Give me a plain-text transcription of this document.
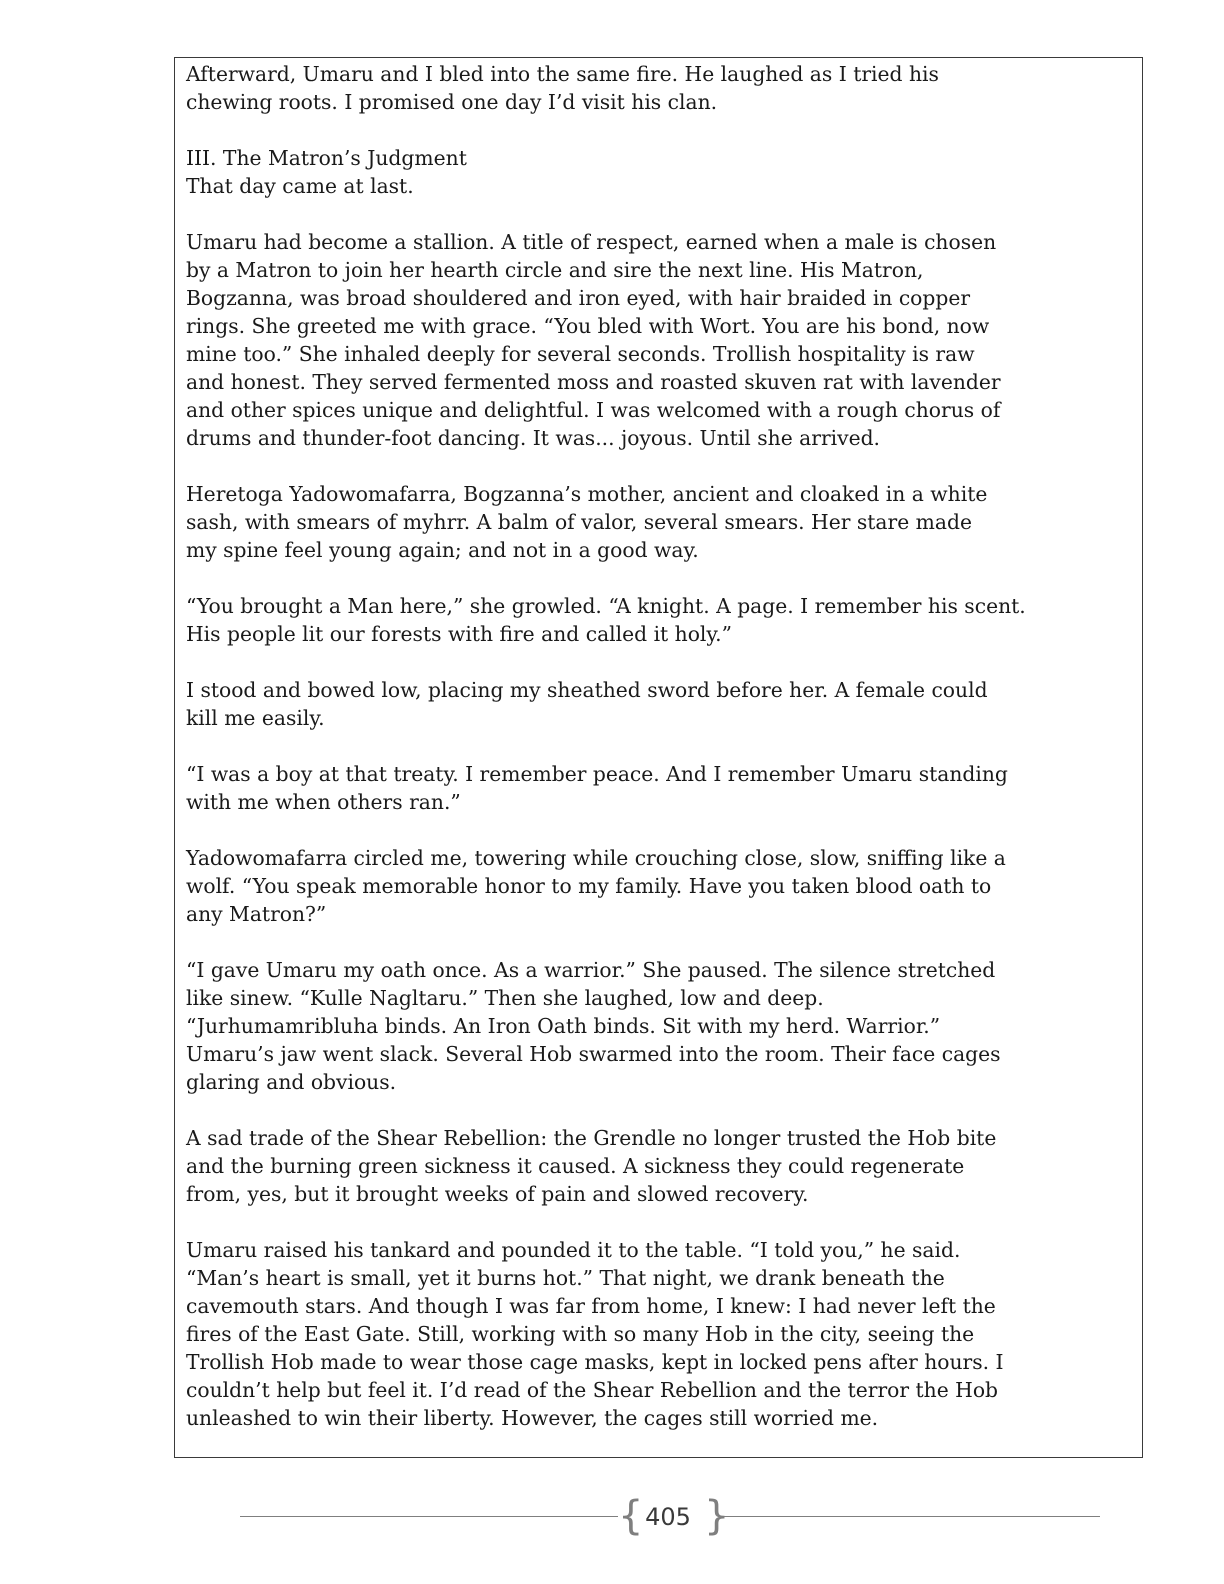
Afterward, Umaru and I bled into the same fire. He laughed as I tried his
chewing roots. I promised one day I’d visit his clan.

III. The Matron’s Judgment
That day came at last.

Umaru had become a stallion. A title of respect, earned when a male is chosen
by a Matron to join her hearth circle and sire the next line. His Matron,
Bogzanna, was broad shouldered and iron eyed, with hair braided in copper
rings. She greeted me with grace. “You bled with Wort. You are his bond, now
mine too.” She inhaled deeply for several seconds. Trollish hospitality is raw
and honest. They served fermented moss and roasted skuven rat with lavender
and other spices unique and delightful. I was welcomed with a rough chorus of
drums and thunder-foot dancing. It was... joyous. Until she arrived.

Heretoga Yadowomafarra, Bogzanna’s mother, ancient and cloaked in a white
sash, with smears of myhrr. A balm of valor, several smears. Her stare made
my spine feel young again; and not in a good way.

“You brought a Man here,” she growled. “A knight. A page. I remember his scent.
His people lit our forests with fire and called it holy.”

I stood and bowed low, placing my sheathed sword before her. A female could
kill me easily.

“I was a boy at that treaty. I remember peace. And I remember Umaru standing
with me when others ran.”

Yadowomafarra circled me, towering while crouching close, slow, sniffing like a
wolf. “You speak memorable honor to my family. Have you taken blood oath to
any Matron?”

“I gave Umaru my oath once. As a warrior.” She paused. The silence stretched
like sinew. “Kulle Nagltaru.” Then she laughed, low and deep.
“Jurhumamribluha binds. An Iron Oath binds. Sit with my herd. Warrior.”
Umaru’s jaw went slack. Several Hob swarmed into the room. Their face cages
glaring and obvious.

A sad trade of the Shear Rebellion: the Grendle no longer trusted the Hob bite
and the burning green sickness it caused. A sickness they could regenerate
from, yes, but it brought weeks of pain and slowed recovery.

Umaru raised his tankard and pounded it to the table. “I told you,” he said.
“Man’s heart is small, yet it burns hot.” That night, we drank beneath the
cavemouth stars. And though I was far from home, I knew: I had never left the
fires of the East Gate. Still, working with so many Hob in the city, seeing the
Trollish Hob made to wear those cage masks, kept in locked pens after hours. I
couldn’t help but feel it. I’d read of the Shear Rebellion and the terror the Hob
unleashed to win their liberty. However, the cages still worried me.

{ 405 }
